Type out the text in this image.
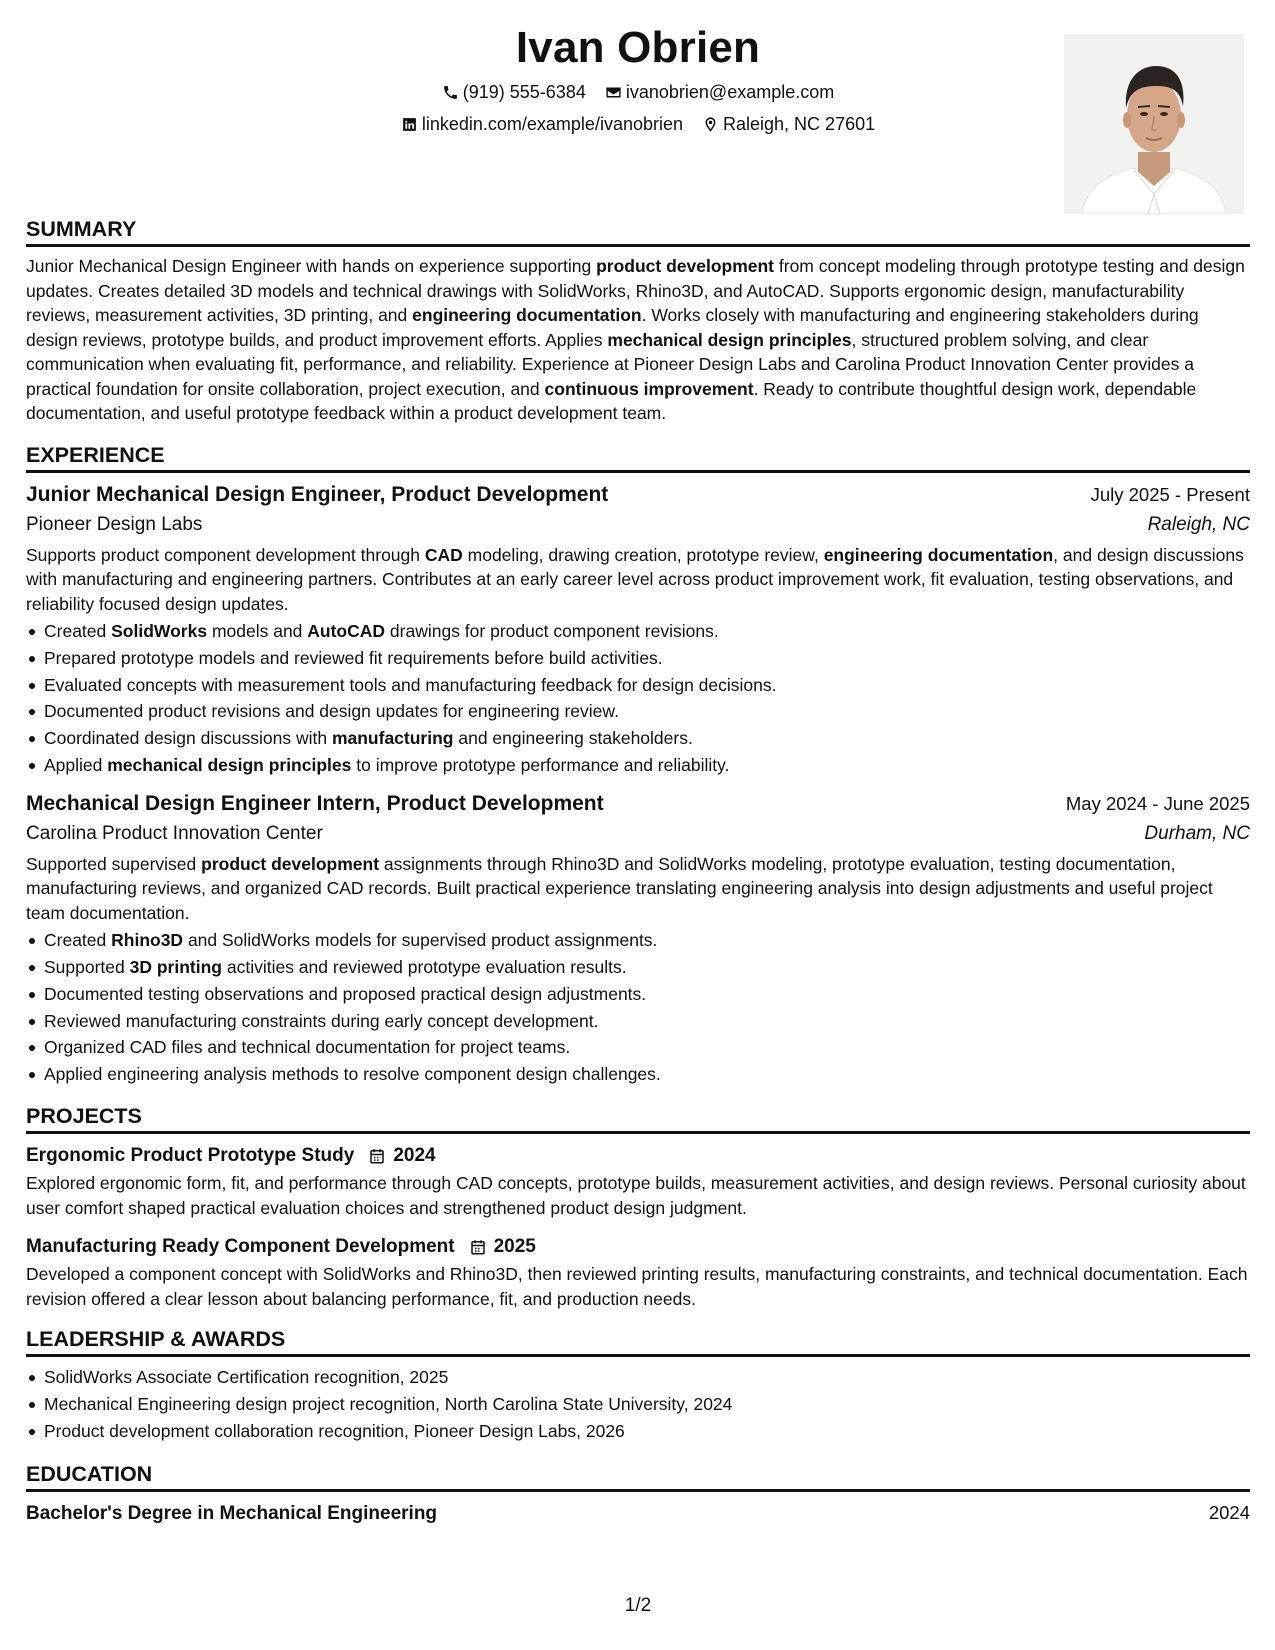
Ivan Obrien
(919) 555-6384
ivanobrien@example.com
linkedin.com/example/ivanobrien
Raleigh, NC 27601
SUMMARY

Junior Mechanical Design Engineer with hands on experience supporting product development from concept modeling through prototype testing and design updates. Creates detailed 3D models and technical drawings with SolidWorks, Rhino3D, and AutoCAD. Supports ergonomic design, manufacturability reviews, measurement activities, 3D printing, and engineering documentation. Works closely with manufacturing and engineering stakeholders during design reviews, prototype builds, and product improvement efforts. Applies mechanical design principles, structured problem solving, and clear communication when evaluating fit, performance, and reliability. Experience at Pioneer Design Labs and Carolina Product Innovation Center provides a practical foundation for onsite collaboration, project execution, and continuous improvement. Ready to contribute thoughtful design work, dependable documentation, and useful prototype feedback within a product development team.

EXPERIENCE
Junior Mechanical Design Engineer, Product Development	July 2025 - Present
Pioneer Design Labs	Raleigh, NC

Supports product component development through CAD modeling, drawing creation, prototype review, engineering documentation, and design discussions with manufacturing and engineering partners. Contributes at an early career level across product improvement work, fit evaluation, testing observations, and reliability focused design updates.

Created SolidWorks models and AutoCAD drawings for product component revisions.
Prepared prototype models and reviewed fit requirements before build activities.
Evaluated concepts with measurement tools and manufacturing feedback for design decisions.
Documented product revisions and design updates for engineering review.
Coordinated design discussions with manufacturing and engineering stakeholders.
Applied mechanical design principles to improve prototype performance and reliability.
Mechanical Design Engineer Intern, Product Development	May 2024 - June 2025
Carolina Product Innovation Center	Durham, NC

Supported supervised product development assignments through Rhino3D and SolidWorks modeling, prototype evaluation, testing documentation, manufacturing reviews, and organized CAD records. Built practical experience translating engineering analysis into design adjustments and useful project team documentation.

Created Rhino3D and SolidWorks models for supervised product assignments.
Supported 3D printing activities and reviewed prototype evaluation results.
Documented testing observations and proposed practical design adjustments.
Reviewed manufacturing constraints during early concept development.
Organized CAD files and technical documentation for project teams.
Applied engineering analysis methods to resolve component design challenges.
PROJECTS
Ergonomic Product Prototype Study 2024

Explored ergonomic form, fit, and performance through CAD concepts, prototype builds, measurement activities, and design reviews. Personal curiosity about user comfort shaped practical evaluation choices and strengthened product design judgment.

Manufacturing Ready Component Development 2025

Developed a component concept with SolidWorks and Rhino3D, then reviewed printing results, manufacturing constraints, and technical documentation. Each revision offered a clear lesson about balancing performance, fit, and production needs.

LEADERSHIP & AWARDS
SolidWorks Associate Certification recognition, 2025
Mechanical Engineering design project recognition, North Carolina State University, 2024
Product development collaboration recognition, Pioneer Design Labs, 2026
EDUCATION
Bachelor's Degree in Mechanical Engineering	2024
1/2
